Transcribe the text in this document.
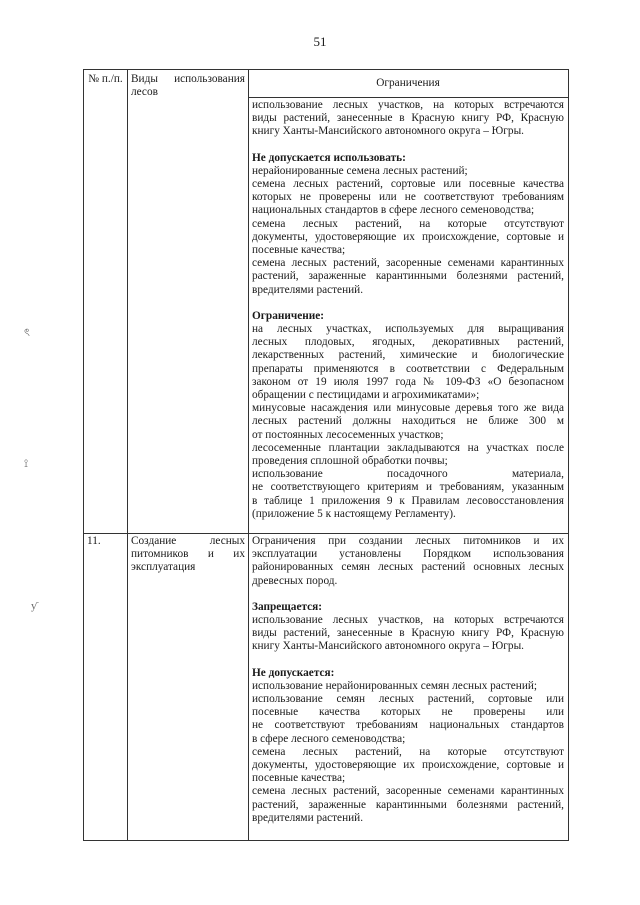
51
ৎ
⟟
ƴ
№ п./п. Виды использования
лесов
Ограничения
использование лесных участков, на которых встречаются
виды растений, занесенные в Красную книгу РФ, Красную
книгу Ханты-Мансийского автономного округа – Югры.
Не допускается использовать:
нерайонированные семена лесных растений;
семена лесных растений, сортовые или посевные качества
которых не проверены или не соответствуют требованиям
национальных стандартов в сфере лесного семеноводства;
семена лесных растений, на которые отсутствуют
документы, удостоверяющие их происхождение, сортовые и
посевные качества;
семена лесных растений, засоренные семенами карантинных
растений, зараженные карантинными болезнями растений,
вредителями растений.
Ограничение:
на лесных участках, используемых для выращивания
лесных плодовых, ягодных, декоративных растений,
лекарственных растений, химические и биологические
препараты применяются в соответствии с Федеральным
законом от 19 июля 1997 года № 109-ФЗ «О безопасном
обращении с пестицидами и агрохимикатами»;
минусовые насаждения или минусовые деревья того же вида
лесных растений должны находиться не ближе 300 м
от постоянных лесосеменных участков;
лесосеменные плантации закладываются на участках после
проведения сплошной обработки почвы;
использование посадочного материала,
не соответствующего критериям и требованиям, указанным
в таблице 1 приложения 9 к Правилам лесовосстановления
(приложение 5 к настоящему Регламенту).
11.	Создание лесных
питомников и их
эксплуатация
Ограничения при создании лесных питомников и их
эксплуатации установлены Порядком использования
районированных семян лесных растений основных лесных
древесных пород.
Запрещается:
использование лесных участков, на которых встречаются
виды растений, занесенные в Красную книгу РФ, Красную
книгу Ханты-Мансийского автономного округа – Югры.
Не допускается:
использование нерайонированных семян лесных растений;
использование семян лесных растений, сортовые или
посевные качества которых не проверены или
не соответствуют требованиям национальных стандартов
в сфере лесного семеноводства;
семена лесных растений, на которые отсутствуют
документы, удостоверяющие их происхождение, сортовые и
посевные качества;
семена лесных растений, засоренные семенами карантинных
растений, зараженные карантинными болезнями растений,
вредителями растений.
